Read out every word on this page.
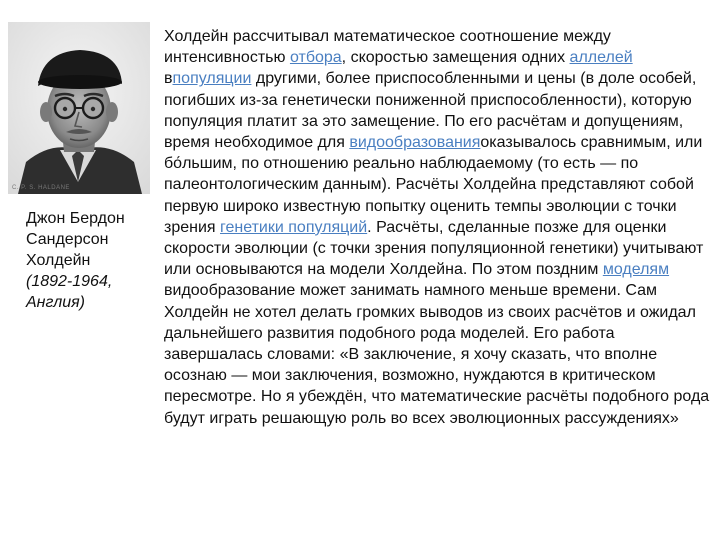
C. P. S. HALDANE
Джон Бердон
Сандерсон
Холдейн
(1892-1964,
Англия)
Холдейн рассчитывал математическое соотношение между интенсивностью отбора, скоростью замещения одних аллелей впопуляции другими, более приспособленными и цены (в доле особей, погибших из-за генетически пониженной приспособленности), которую популяция платит за это замещение. По его расчётам и допущениям, время необходимое для видообразованияоказывалось сравнимым, или бо́льшим, по отношению реально наблюдаемому (то есть — по палеонтологическим данным). Расчёты Холдейна представляют собой первую широко известную попытку оценить темпы эволюции с точки зрения генетики популяций. Расчёты, сделанные позже для оценки скорости эволюции (с точки зрения популяционной генетики) учитывают или основываются на модели Холдейна. По этом поздним моделям видообразование может занимать намного меньше времени. Сам Холдейн не хотел делать громких выводов из своих расчётов и ожидал дальнейшего развития подобного рода моделей. Его работа завершалась словами: «В заключение, я хочу сказать, что вполне осознаю — мои заключения, возможно, нуждаются в критическом пересмотре. Но я убеждён, что математические расчёты подобного рода будут играть решающую роль во всех эволюционных рассуждениях»
